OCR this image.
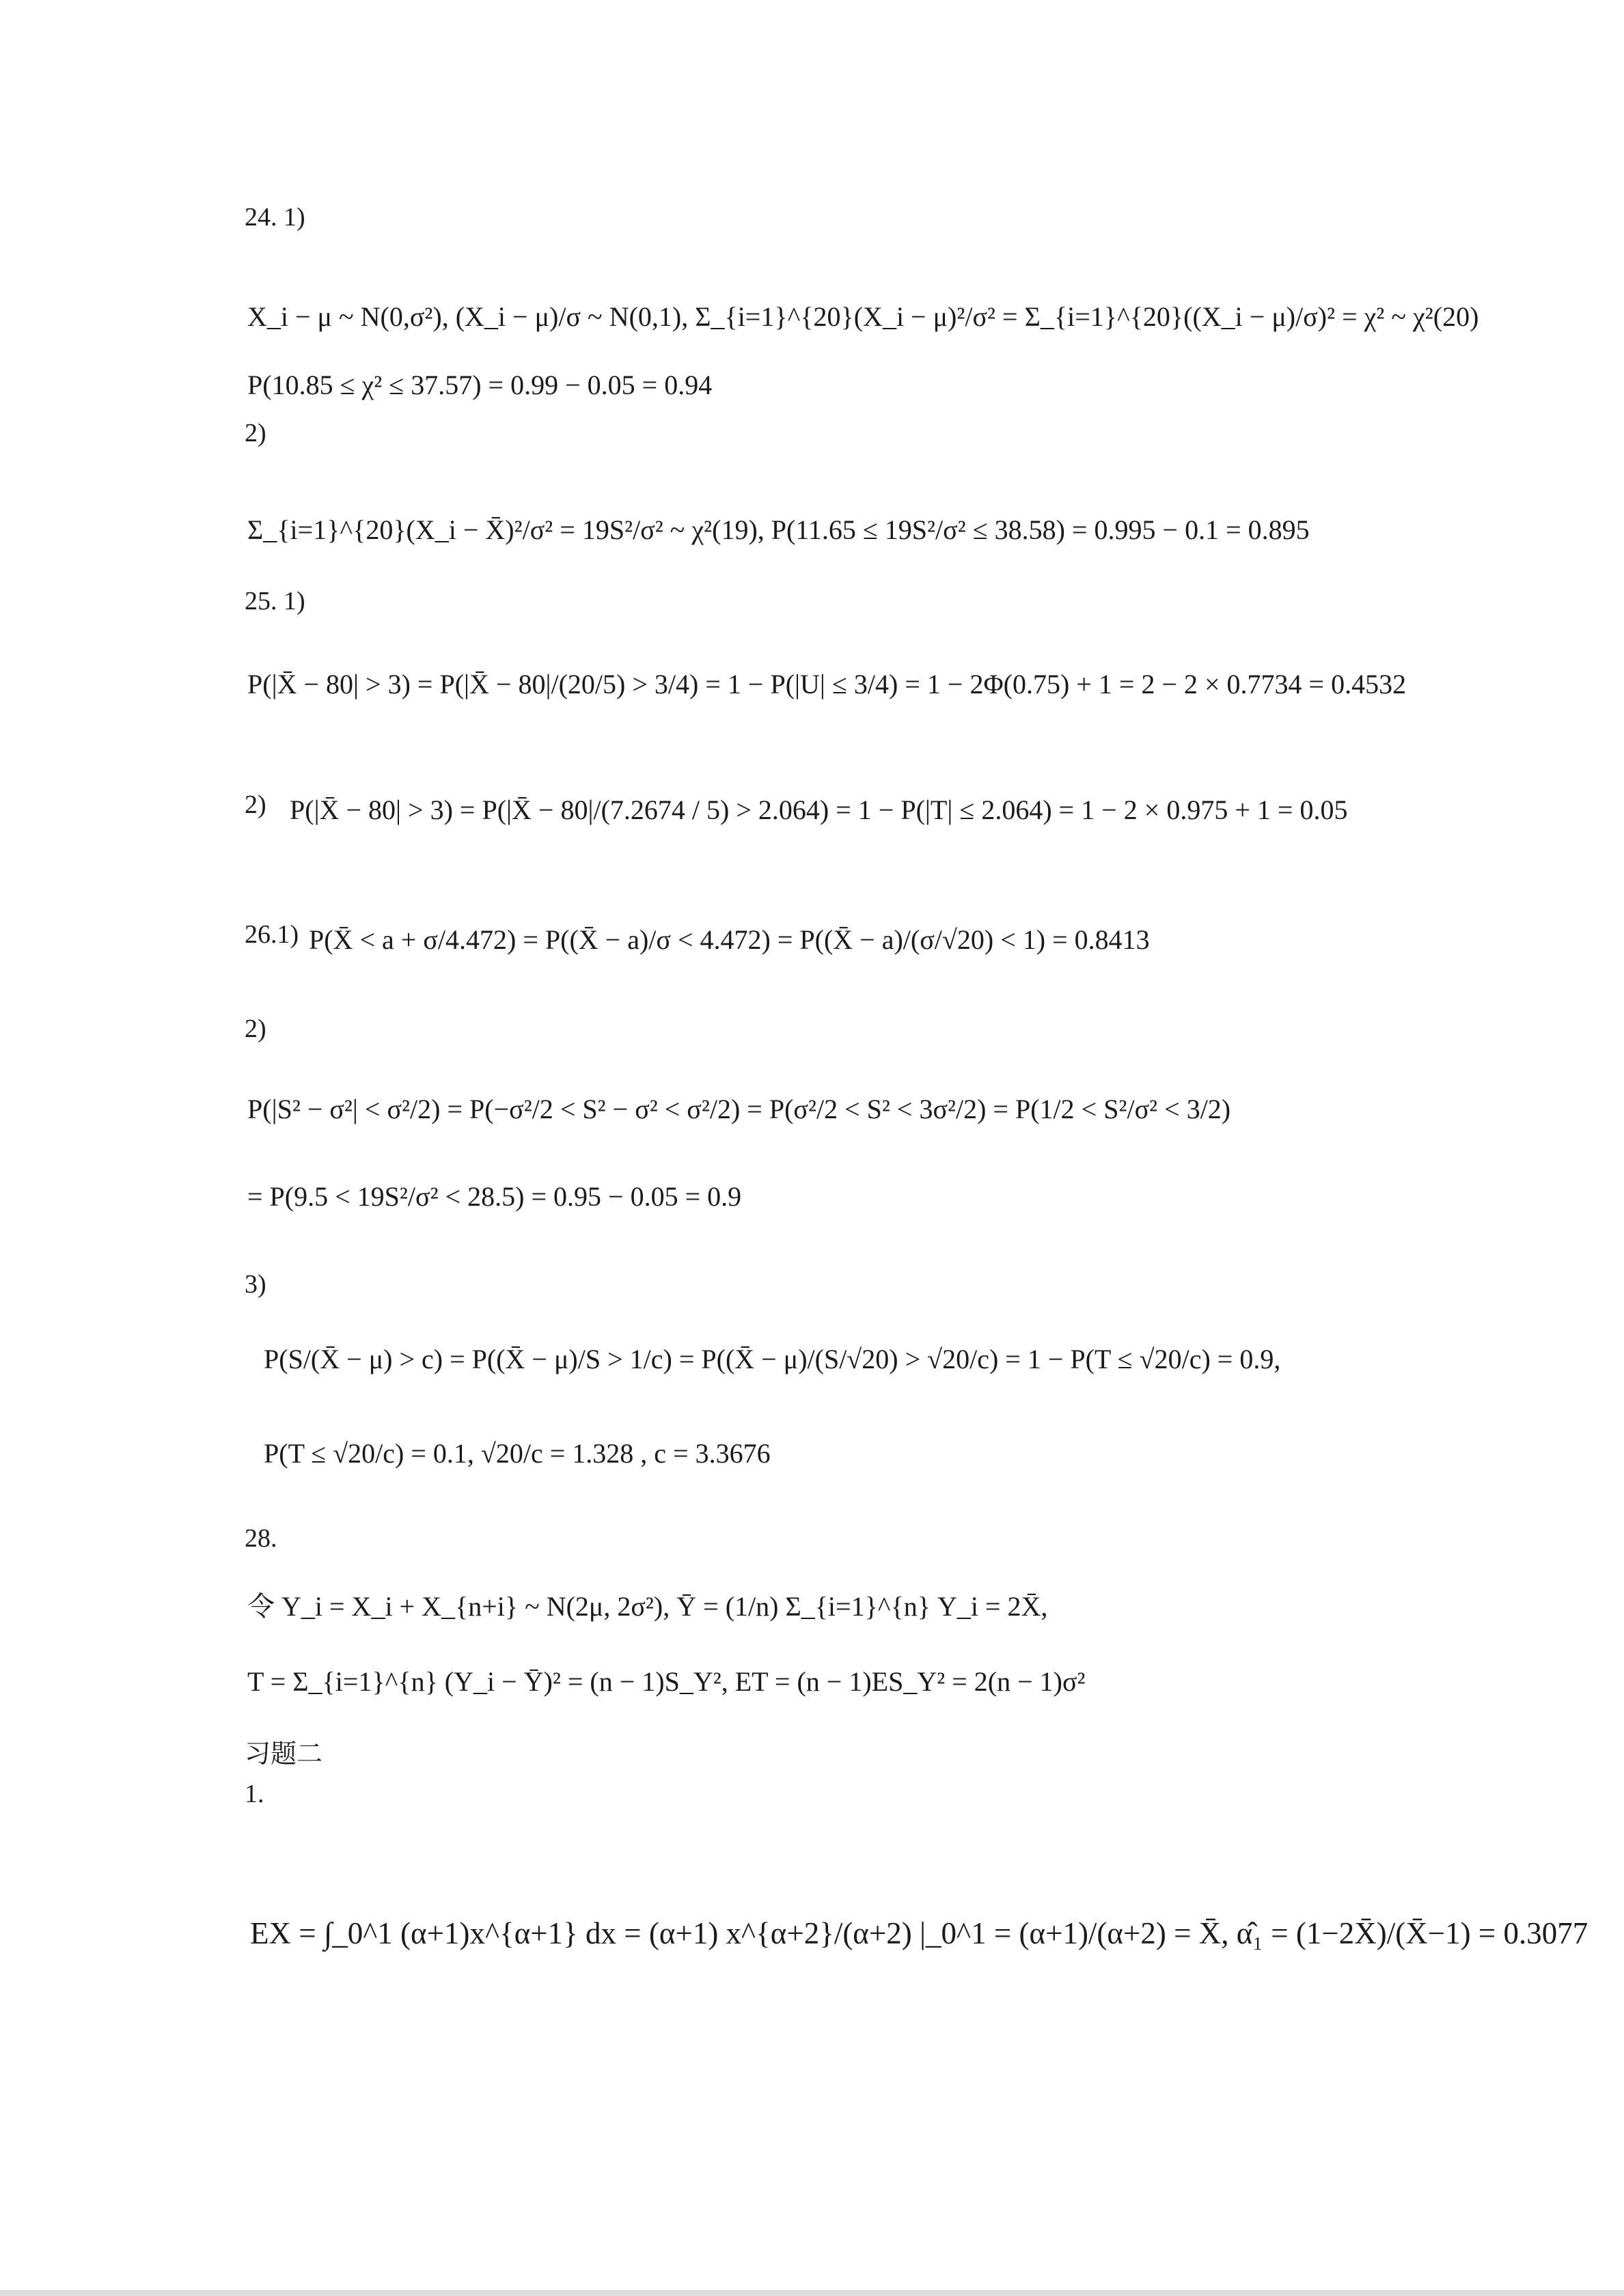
24. 1)
X_i − μ ~ N(0,σ²), (X_i − μ)/σ ~ N(0,1), Σ_{i=1}^{20}(X_i − μ)²/σ² = Σ_{i=1}^{20}((X_i − μ)/σ)² = χ² ~ χ²(20)
P(10.85 ≤ χ² ≤ 37.57) = 0.99 − 0.05 = 0.94
2)
Σ_{i=1}^{20}(X_i − X̄)²/σ² = 19S²/σ² ~ χ²(19), P(11.65 ≤ 19S²/σ² ≤ 38.58) = 0.995 − 0.1 = 0.895
25. 1)
P(|X̄ − 80| > 3) = P(|X̄ − 80|/(20/5) > 3/4) = 1 − P(|U| ≤ 3/4) = 1 − 2Φ(0.75) + 1 = 2 − 2 × 0.7734 = 0.4532
2) P(|X̄ − 80| > 3) = P(|X̄ − 80|/(7.2674 / 5) > 2.064) = 1 − P(|T| ≤ 2.064) = 1 − 2 × 0.975 + 1 = 0.05
26.1) P(X̄ < a + σ/4.472) = P((X̄ − a)/σ < 4.472) = P((X̄ − a)/(σ/√20) < 1) = 0.8413
2)
P(|S² − σ²| < σ²/2) = P(−σ²/2 < S² − σ² < σ²/2) = P(σ²/2 < S² < 3σ²/2) = P(1/2 < S²/σ² < 3/2)
= P(9.5 < 19S²/σ² < 28.5) = 0.95 − 0.05 = 0.9
3)
P(S/(X̄ − μ) > c) = P((X̄ − μ)/S > 1/c) = P((X̄ − μ)/(S/√20) > √20/c) = 1 − P(T ≤ √20/c) = 0.9,
P(T ≤ √20/c) = 0.1, √20/c = 1.328 , c = 3.3676
28.
令 Y_i = X_i + X_{n+i} ~ N(2μ, 2σ²), Ȳ = (1/n) Σ_{i=1}^{n} Y_i = 2X̄,
T = Σ_{i=1}^{n} (Y_i − Ȳ)² = (n − 1)S_Y², ET = (n − 1)ES_Y² = 2(n − 1)σ²
习题二
1.
EX = ∫_0^1 (α+1)x^{α+1} dx = (α+1) x^{α+2}/(α+2) |_0^1 = (α+1)/(α+2) = X̄, α̂₁ = (1−2X̄)/(X̄−1) = 0.3077
